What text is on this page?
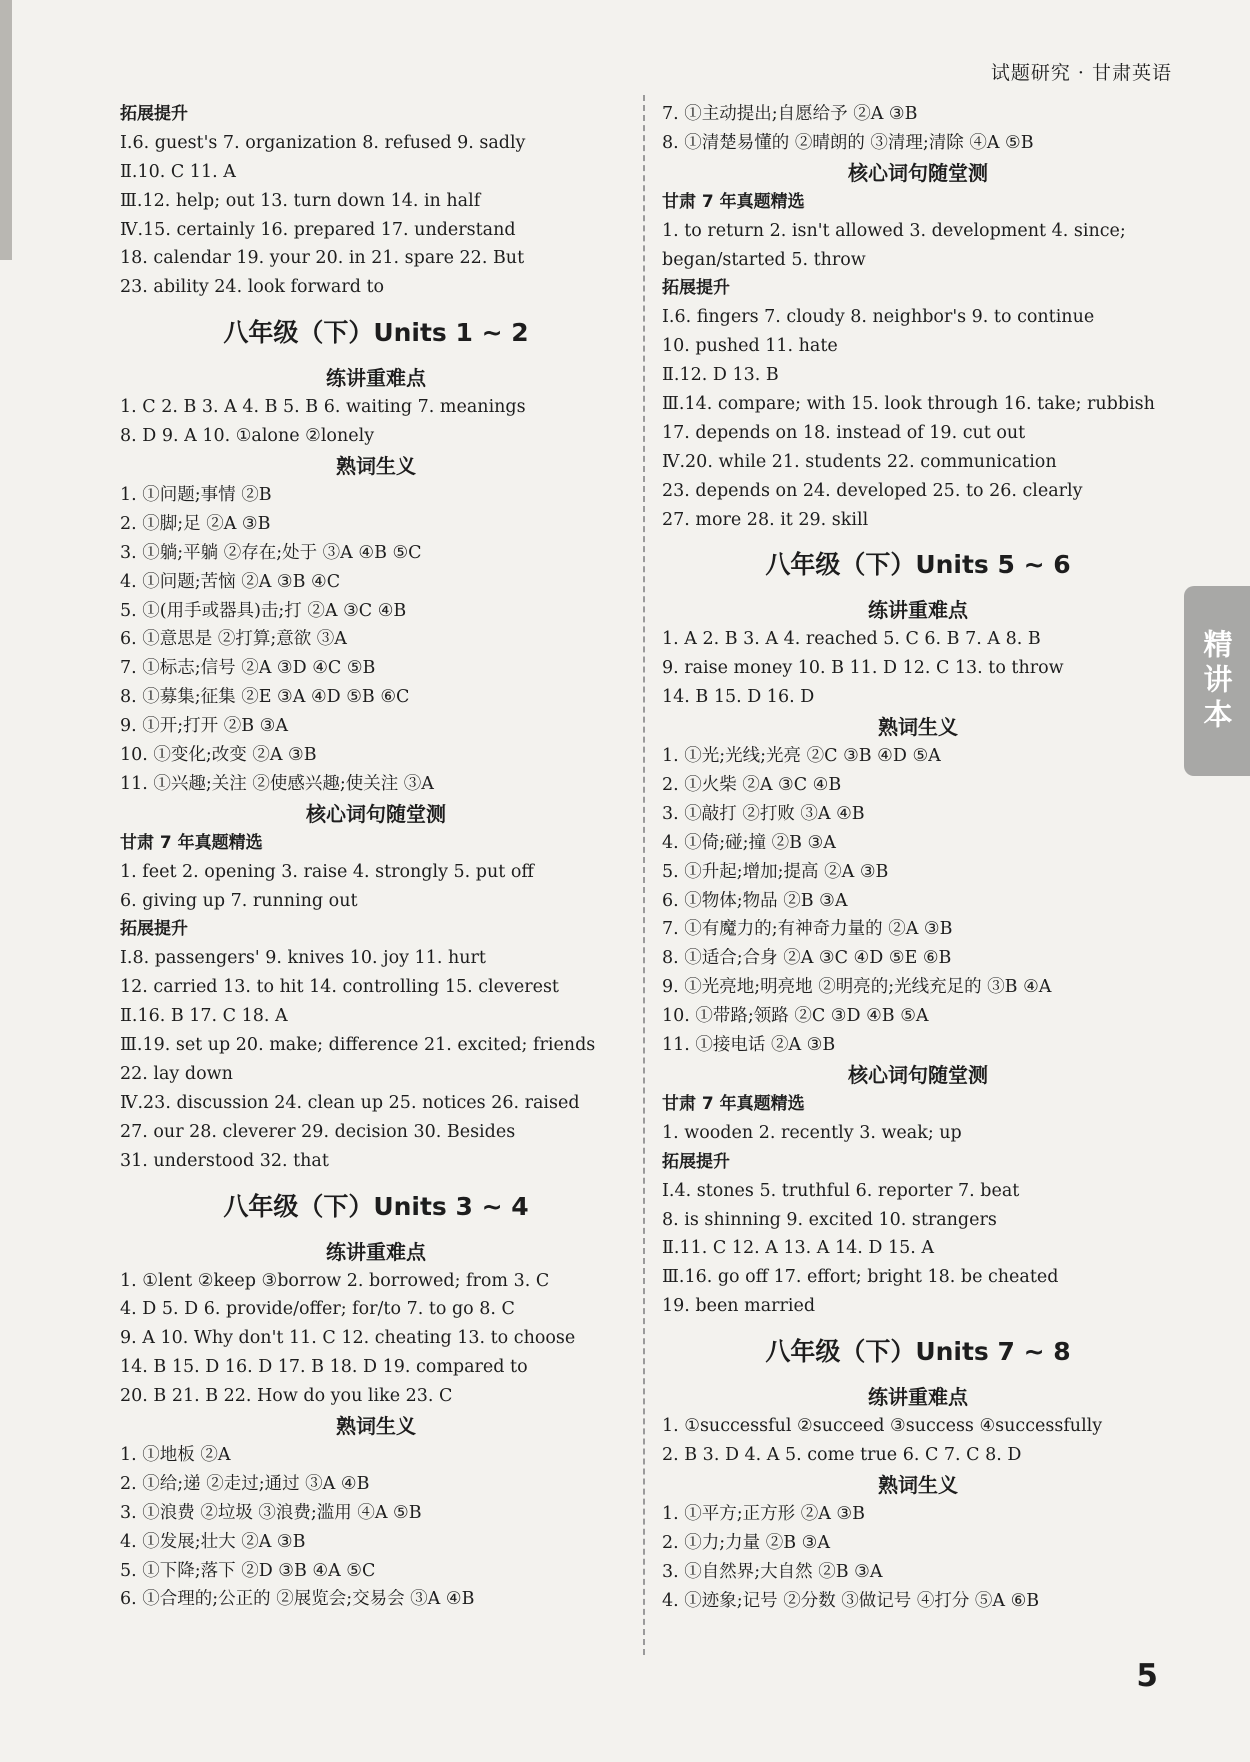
试题研究 · 甘肃英语
拓展提升
Ⅰ.6. guest's 7. organization 8. refused 9. sadly
Ⅱ.10. C 11. A
Ⅲ.12. help; out 13. turn down 14. in half
Ⅳ.15. certainly 16. prepared 17. understand
18. calendar 19. your 20. in 21. spare 22. But
23. ability 24. look forward to
八年级（下）Units 1 ~ 2
练讲重难点
1. C 2. B 3. A 4. B 5. B 6. waiting 7. meanings
8. D 9. A 10. ①alone ②lonely
熟词生义
1. ①问题;事情 ②B
2. ①脚;足 ②A ③B
3. ①躺;平躺 ②存在;处于 ③A ④B ⑤C
4. ①问题;苦恼 ②A ③B ④C
5. ①(用手或器具)击;打 ②A ③C ④B
6. ①意思是 ②打算;意欲 ③A
7. ①标志;信号 ②A ③D ④C ⑤B
8. ①募集;征集 ②E ③A ④D ⑤B ⑥C
9. ①开;打开 ②B ③A
10. ①变化;改变 ②A ③B
11. ①兴趣;关注 ②使感兴趣;使关注 ③A
核心词句随堂测
甘肃 7 年真题精选
1. feet 2. opening 3. raise 4. strongly 5. put off
6. giving up 7. running out
拓展提升
Ⅰ.8. passengers' 9. knives 10. joy 11. hurt
12. carried 13. to hit 14. controlling 15. cleverest
Ⅱ.16. B 17. C 18. A
Ⅲ.19. set up 20. make; difference 21. excited; friends
22. lay down
Ⅳ.23. discussion 24. clean up 25. notices 26. raised
27. our 28. cleverer 29. decision 30. Besides
31. understood 32. that
八年级（下）Units 3 ~ 4
练讲重难点
1. ①lent ②keep ③borrow 2. borrowed; from 3. C
4. D 5. D 6. provide/offer; for/to 7. to go 8. C
9. A 10. Why don't 11. C 12. cheating 13. to choose
14. B 15. D 16. D 17. B 18. D 19. compared to
20. B 21. B 22. How do you like 23. C
熟词生义
1. ①地板 ②A
2. ①给;递 ②走过;通过 ③A ④B
3. ①浪费 ②垃圾 ③浪费;滥用 ④A ⑤B
4. ①发展;壮大 ②A ③B
5. ①下降;落下 ②D ③B ④A ⑤C
6. ①合理的;公正的 ②展览会;交易会 ③A ④B
7. ①主动提出;自愿给予 ②A ③B
8. ①清楚易懂的 ②晴朗的 ③清理;清除 ④A ⑤B
核心词句随堂测
甘肃 7 年真题精选
1. to return 2. isn't allowed 3. development 4. since;
began/started 5. throw
拓展提升
Ⅰ.6. fingers 7. cloudy 8. neighbor's 9. to continue
10. pushed 11. hate
Ⅱ.12. D 13. B
Ⅲ.14. compare; with 15. look through 16. take; rubbish
17. depends on 18. instead of 19. cut out
Ⅳ.20. while 21. students 22. communication
23. depends on 24. developed 25. to 26. clearly
27. more 28. it 29. skill
八年级（下）Units 5 ~ 6
练讲重难点
1. A 2. B 3. A 4. reached 5. C 6. B 7. A 8. B
9. raise money 10. B 11. D 12. C 13. to throw
14. B 15. D 16. D
熟词生义
1. ①光;光线;光亮 ②C ③B ④D ⑤A
2. ①火柴 ②A ③C ④B
3. ①敲打 ②打败 ③A ④B
4. ①倚;碰;撞 ②B ③A
5. ①升起;增加;提高 ②A ③B
6. ①物体;物品 ②B ③A
7. ①有魔力的;有神奇力量的 ②A ③B
8. ①适合;合身 ②A ③C ④D ⑤E ⑥B
9. ①光亮地;明亮地 ②明亮的;光线充足的 ③B ④A
10. ①带路;领路 ②C ③D ④B ⑤A
11. ①接电话 ②A ③B
核心词句随堂测
甘肃 7 年真题精选
1. wooden 2. recently 3. weak; up
拓展提升
Ⅰ.4. stones 5. truthful 6. reporter 7. beat
8. is shinning 9. excited 10. strangers
Ⅱ.11. C 12. A 13. A 14. D 15. A
Ⅲ.16. go off 17. effort; bright 18. be cheated
19. been married
八年级（下）Units 7 ~ 8
练讲重难点
1. ①successful ②succeed ③success ④successfully
2. B 3. D 4. A 5. come true 6. C 7. C 8. D
熟词生义
1. ①平方;正方形 ②A ③B
2. ①力;力量 ②B ③A
3. ①自然界;大自然 ②B ③A
4. ①迹象;记号 ②分数 ③做记号 ④打分 ⑤A ⑥B
精讲本
5
